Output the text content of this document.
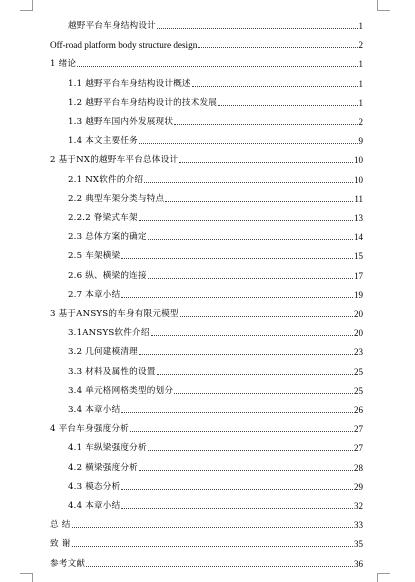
越野平台车身结构设计	1
Off-road platform body structure design	2
1 绪论	1
1.1 越野平台车身结构设计概述	1
1.2 越野平台车身结构设计的技术发展	1
1.3 越野车国内外发展现状	2
1.4 本文主要任务	9
2 基于NX的越野车平台总体设计	10
2.1 NX软件的介绍	10
2.2 典型车架分类与特点	11
2.2.2 脊梁式车架	13
2.3 总体方案的确定	14
2.5 车架横梁	15
2.6 纵、横梁的连接	17
2.7 本章小结	19
3 基于ANSYS的车身有限元模型	20
3.1ANSYS软件介绍	20
3.2 几何建模清理	23
3.3 材料及属性的设置	25
3.4 单元格网格类型的划分	25
3.4 本章小结	26
4 平台车身强度分析	27
4.1 车纵梁强度分析	27
4.2 横梁强度分析	28
4.3 模态分析	29
4.4 本章小结	32
总 结	33
致 谢	35
参考文献	36
